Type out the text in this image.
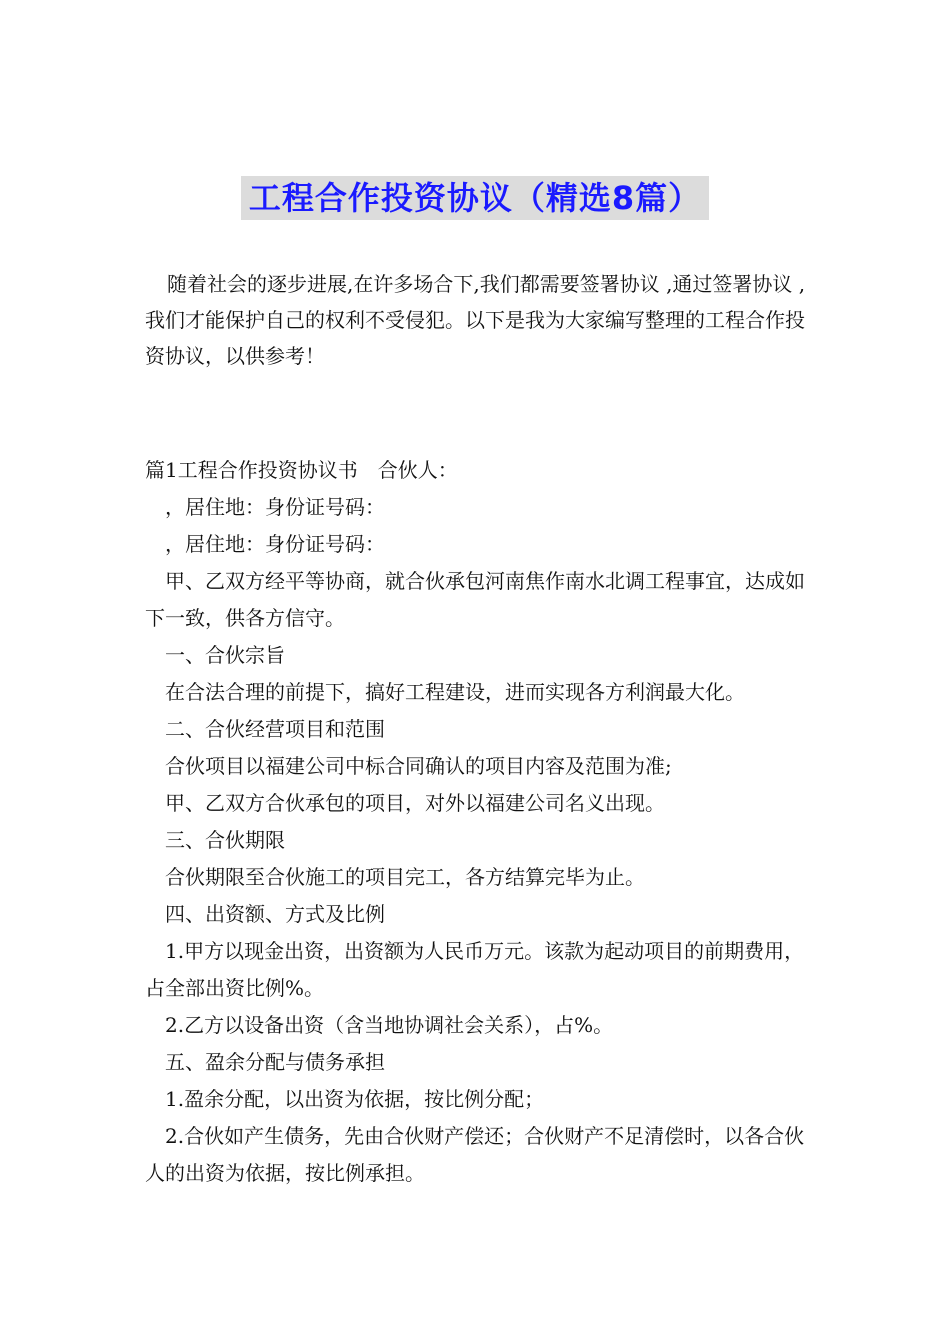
工程合作投资协议（精选8篇）

随着社会的逐步进展,在许多场合下,我们都需要签署协议 ,通过签署协议 ,我们才能保护自己的权利不受侵犯。以下是我为大家编写整理的工程合作投资协议，以供参考！

篇1工程合作投资协议书　合伙人：

，居住地：身份证号码：

，居住地：身份证号码：

甲、乙双方经平等协商，就合伙承包河南焦作南水北调工程事宜，达成如下一致，供各方信守。

一、合伙宗旨

在合法合理的前提下，搞好工程建设，进而实现各方利润最大化。

二、合伙经营项目和范围

合伙项目以福建公司中标合同确认的项目内容及范围为准;

甲、乙双方合伙承包的项目，对外以福建公司名义出现。

三、合伙期限

合伙期限至合伙施工的项目完工，各方结算完毕为止。

四、出资额、方式及比例

1.甲方以现金出资，出资额为人民币万元。该款为起动项目的前期费用，占全部出资比例%。

2.乙方以设备出资（含当地协调社会关系），占%。

五、盈余分配与债务承担

1.盈余分配，以出资为依据，按比例分配；

2.合伙如产生债务，先由合伙财产偿还；合伙财产不足清偿时，以各合伙人的出资为依据，按比例承担。
